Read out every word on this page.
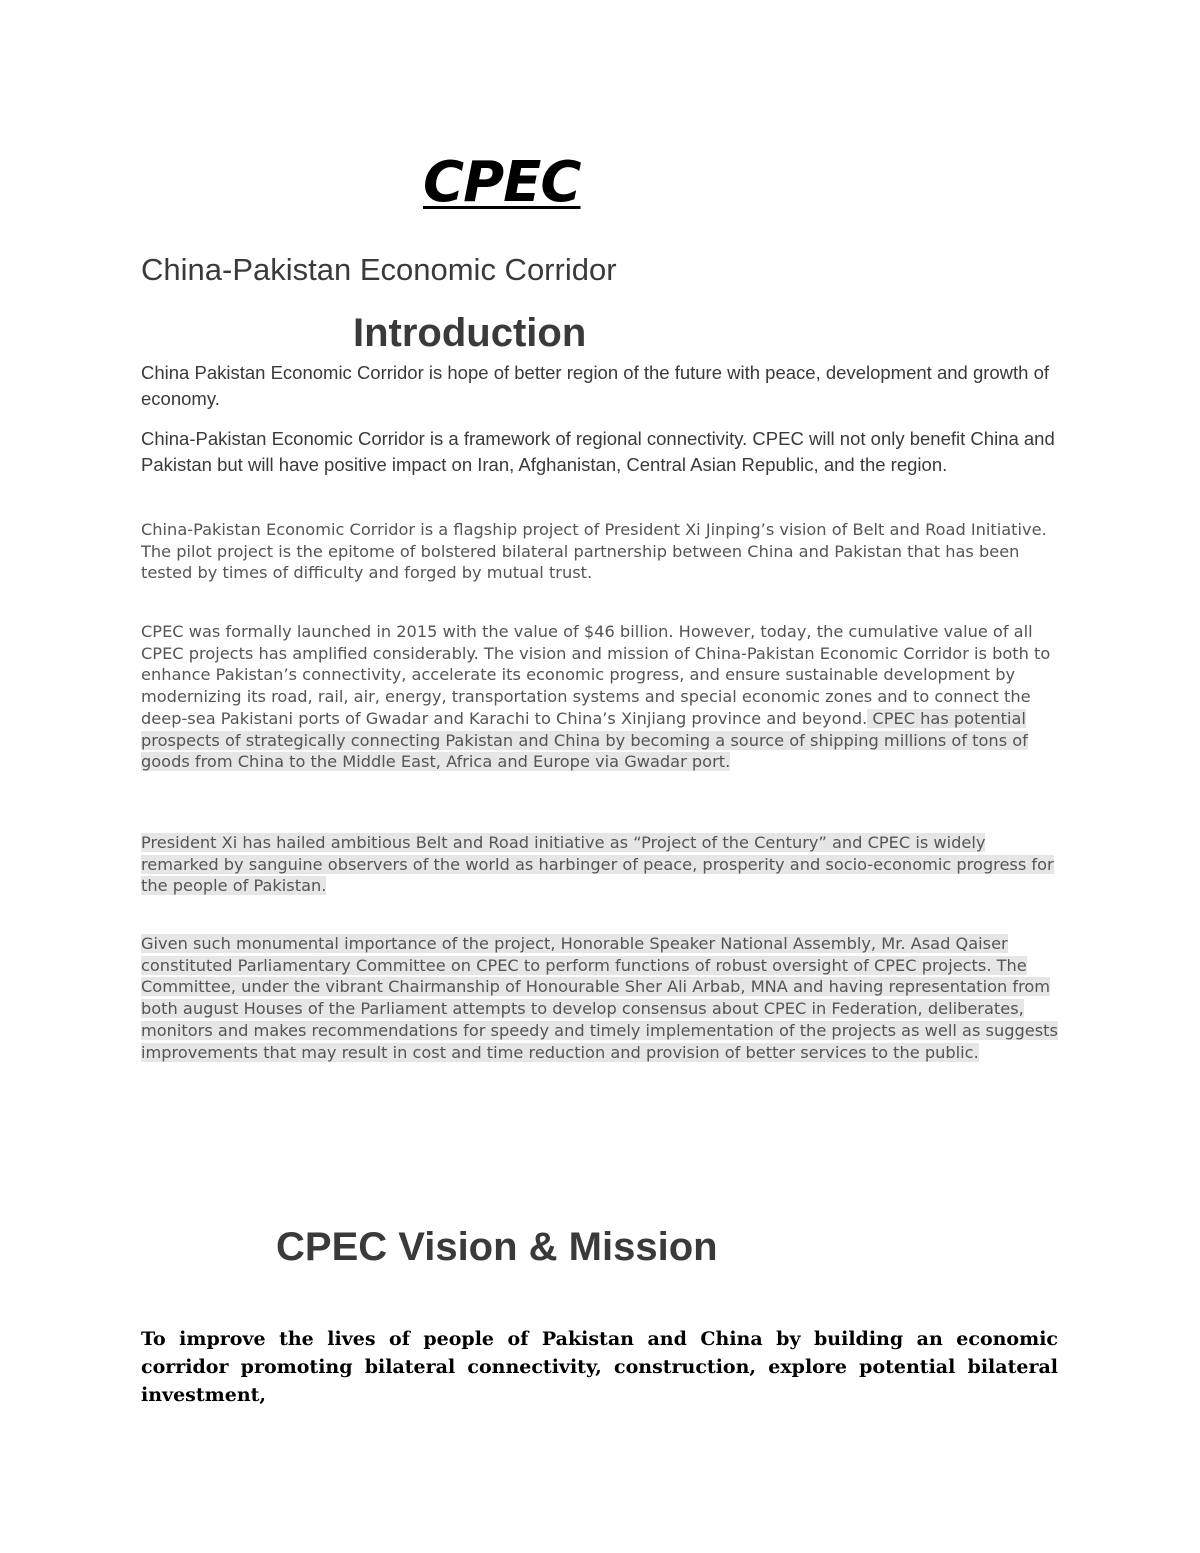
CPEC
China-Pakistan Economic Corridor
Introduction

China Pakistan Economic Corridor is hope of better region of the future with peace, development and growth of economy.

China-Pakistan Economic Corridor is a framework of regional connectivity. CPEC will not only benefit China and Pakistan but will have positive impact on Iran, Afghanistan, Central Asian Republic, and the region.

China-Pakistan Economic Corridor is a flagship project of President Xi Jinping’s vision of Belt and Road Initiative. The pilot project is the epitome of bolstered bilateral partnership between China and Pakistan that has been tested by times of difficulty and forged by mutual trust.

CPEC was formally launched in 2015 with the value of $46 billion. However, today, the cumulative value of all CPEC projects has amplified considerably. The vision and mission of China-Pakistan Economic Corridor is both to enhance Pakistan’s connectivity, accelerate its economic progress, and ensure sustainable development by modernizing its road, rail, air, energy, transportation systems and special economic zones and to connect the deep-sea Pakistani ports of Gwadar and Karachi to China’s Xinjiang province and beyond. CPEC has potential prospects of strategically connecting Pakistan and China by becoming a source of shipping millions of tons of goods from China to the Middle East, Africa and Europe via Gwadar port.

President Xi has hailed ambitious Belt and Road initiative as “Project of the Century” and CPEC is widely remarked by sanguine observers of the world as harbinger of peace, prosperity and socio-economic progress for the people of Pakistan.

Given such monumental importance of the project, Honorable Speaker National Assembly, Mr. Asad Qaiser constituted Parliamentary Committee on CPEC to perform functions of robust oversight of CPEC projects. The Committee, under the vibrant Chairmanship of Honourable Sher Ali Arbab, MNA and having representation from both august Houses of the Parliament attempts to develop consensus about CPEC in Federation, deliberates, monitors and makes recommendations for speedy and timely implementation of the projects as well as suggests improvements that may result in cost and time reduction and provision of better services to the public.

CPEC Vision & Mission

To improve the lives of people of Pakistan and China by building an economic corridor promoting bilateral connectivity, construction, explore potential bilateral investment,
